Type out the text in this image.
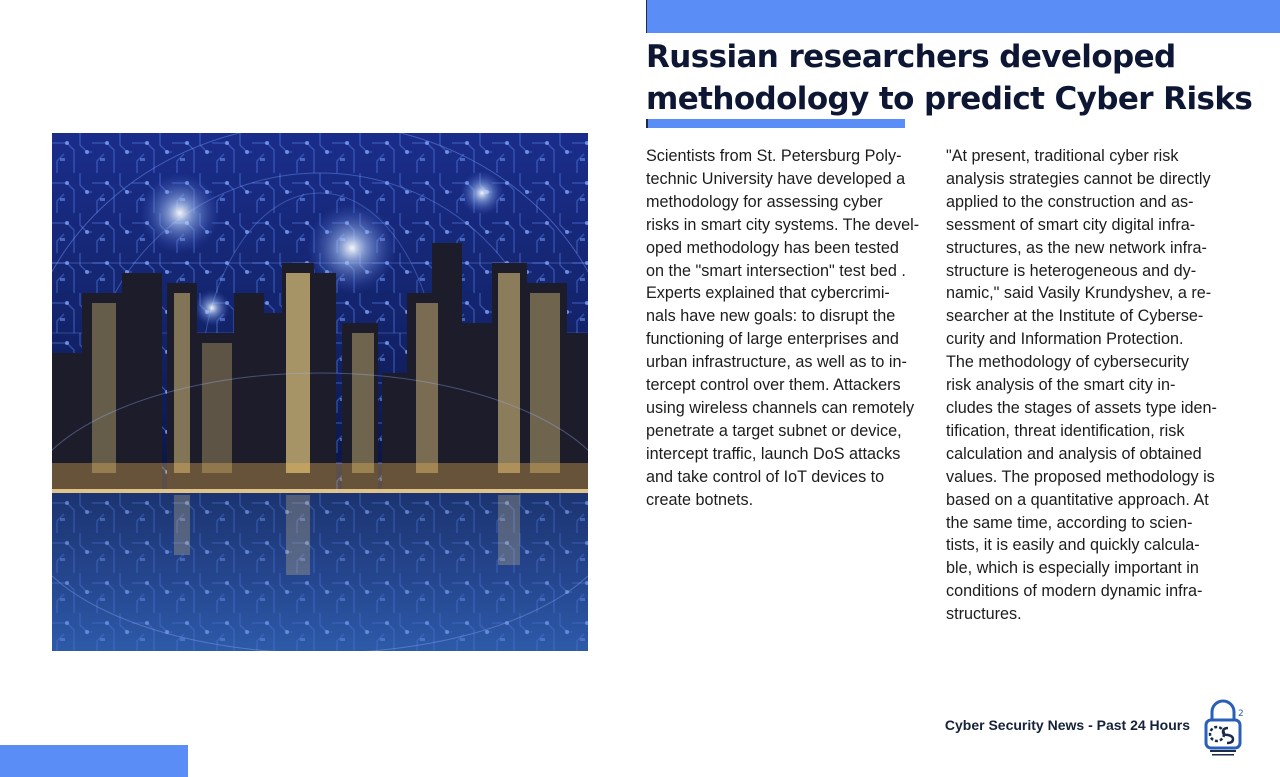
Russian researchers developed
methodology to predict Cyber Risks
Scientists from St. Petersburg Poly-
technic University have developed a
methodology for assessing cyber
risks in smart city systems. The devel-
oped methodology has been tested
on the "smart intersection" test bed .
Experts explained that cybercrimi-
nals have new goals: to disrupt the
functioning of large enterprises and
urban infrastructure, as well as to in-
tercept control over them. Attackers
using wireless channels can remotely
penetrate a target subnet or device,
intercept traffic, launch DoS attacks
and take control of IoT devices to
create botnets.
"At present, traditional cyber risk
analysis strategies cannot be directly
applied to the construction and as-
sessment of smart city digital infra-
structures, as the new network infra-
structure is heterogeneous and dy-
namic," said Vasily Krundyshev, a re-
searcher at the Institute of Cyberse-
curity and Information Protection.
The methodology of cybersecurity
risk analysis of the smart city in-
cludes the stages of assets type iden-
tification, threat identification, risk
calculation and analysis of obtained
values. The proposed methodology is
based on a quantitative approach. At
the same time, according to scien-
tists, it is easily and quickly calcula-
ble, which is especially important in
conditions of modern dynamic infra-
structures.
Cyber Security News - Past 24 Hours
2
